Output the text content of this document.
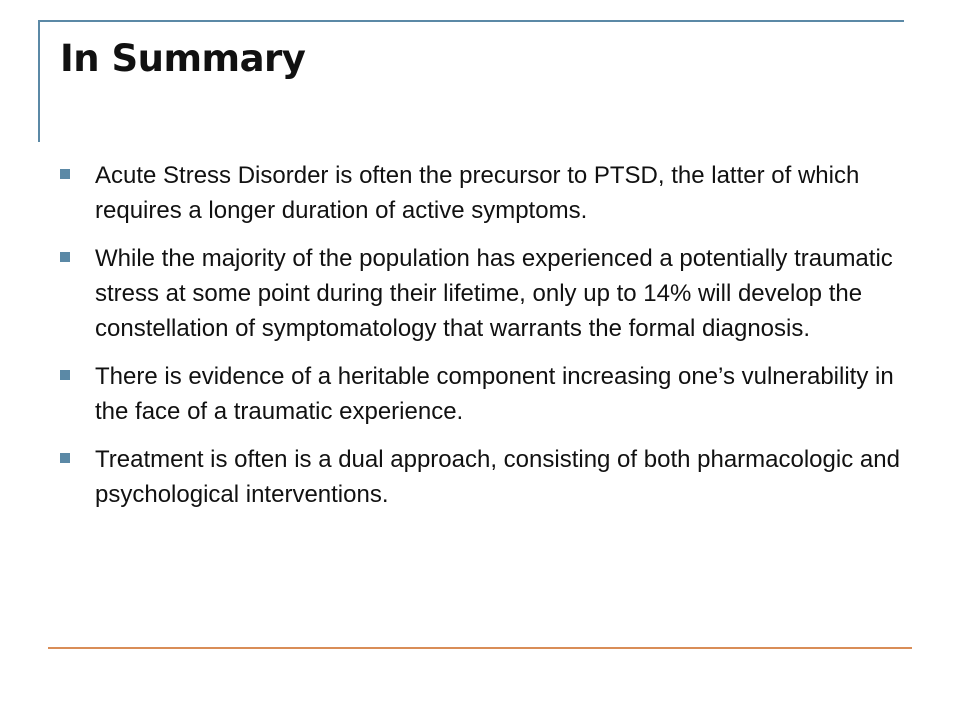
In Summary
Acute Stress Disorder is often the precursor to PTSD, the latter of which requires a longer duration of active symptoms.
While the majority of the population has experienced a potentially traumatic stress at some point during their lifetime, only up to 14% will develop the constellation of symptomatology that warrants the formal diagnosis.
There is evidence of a heritable component increasing one’s vulnerability in the face of a traumatic experience.
Treatment is often is a dual approach, consisting of both pharmacologic and psychological interventions.
